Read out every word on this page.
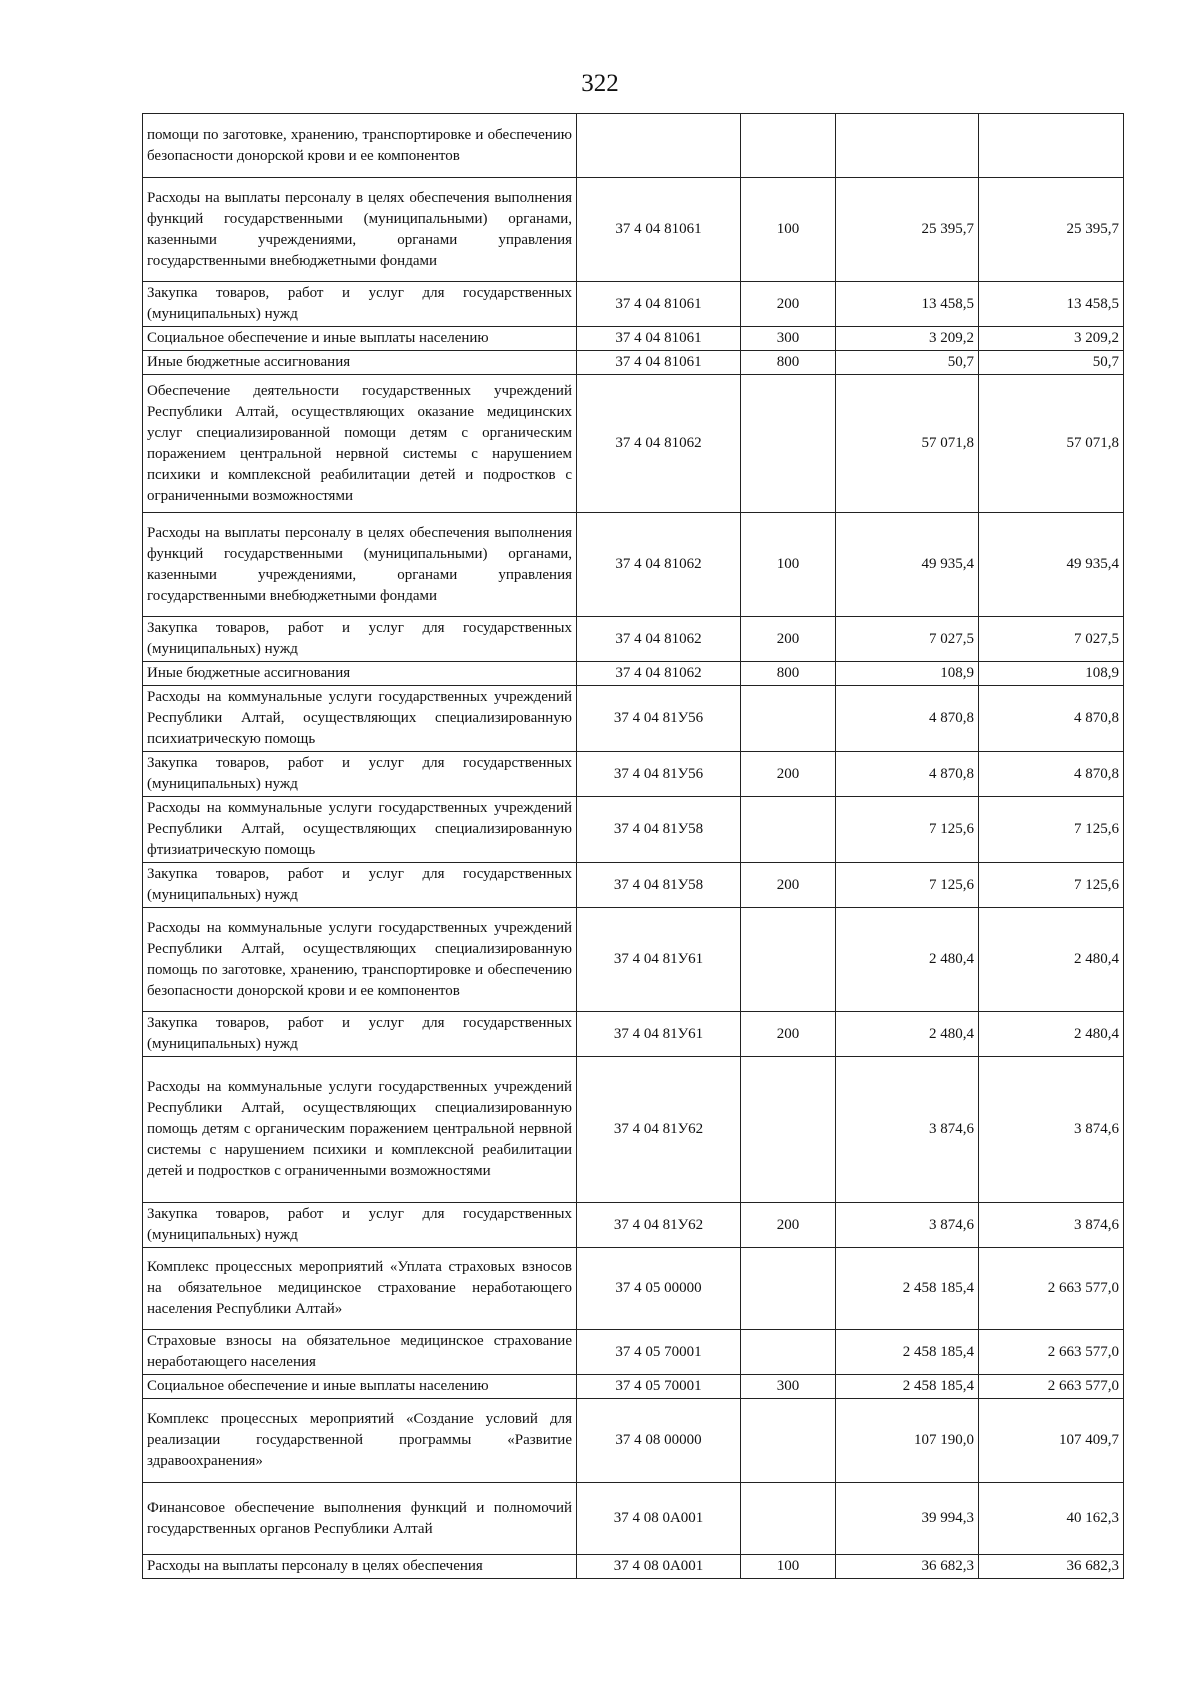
322
помощи по заготовке, хранению, транспортировке и обеспечению безопасности донорской крови и ее компонентов				
Расходы на выплаты персоналу в целях обеспечения выполнения функций государственными (муниципальными) органами, казенными учреждениями, органами управления государственными внебюджетными фондами	37 4 04 81061	100	25 395,7	25 395,7
Закупка товаров, работ и услуг для государственных (муниципальных) нужд	37 4 04 81061	200	13 458,5	13 458,5
Социальное обеспечение и иные выплаты населению	37 4 04 81061	300	3 209,2	3 209,2
Иные бюджетные ассигнования	37 4 04 81061	800	50,7	50,7
Обеспечение деятельности государственных учреждений Республики Алтай, осуществляющих оказание медицинских услуг специализированной помощи детям с органическим поражением центральной нервной системы с нарушением психики и комплексной реабилитации детей и подростков с ограниченными возможностями	37 4 04 81062		57 071,8	57 071,8
Расходы на выплаты персоналу в целях обеспечения выполнения функций государственными (муниципальными) органами, казенными учреждениями, органами управления государственными внебюджетными фондами	37 4 04 81062	100	49 935,4	49 935,4
Закупка товаров, работ и услуг для государственных (муниципальных) нужд	37 4 04 81062	200	7 027,5	7 027,5
Иные бюджетные ассигнования	37 4 04 81062	800	108,9	108,9
Расходы на коммунальные услуги государственных учреждений Республики Алтай, осуществляющих специализированную психиатрическую помощь	37 4 04 81У56		4 870,8	4 870,8
Закупка товаров, работ и услуг для государственных (муниципальных) нужд	37 4 04 81У56	200	4 870,8	4 870,8
Расходы на коммунальные услуги государственных учреждений Республики Алтай, осуществляющих специализированную фтизиатрическую помощь	37 4 04 81У58		7 125,6	7 125,6
Закупка товаров, работ и услуг для государственных (муниципальных) нужд	37 4 04 81У58	200	7 125,6	7 125,6
Расходы на коммунальные услуги государственных учреждений Республики Алтай, осуществляющих специализированную помощь по заготовке, хранению, транспортировке и обеспечению безопасности донорской крови и ее компонентов	37 4 04 81У61		2 480,4	2 480,4
Закупка товаров, работ и услуг для государственных (муниципальных) нужд	37 4 04 81У61	200	2 480,4	2 480,4
Расходы на коммунальные услуги государственных учреждений Республики Алтай, осуществляющих специализированную помощь детям с органическим поражением центральной нервной системы с нарушением психики и комплексной реабилитации детей и подростков с ограниченными возможностями	37 4 04 81У62		3 874,6	3 874,6
Закупка товаров, работ и услуг для государственных (муниципальных) нужд	37 4 04 81У62	200	3 874,6	3 874,6
Комплекс процессных мероприятий «Уплата страховых взносов на обязательное медицинское страхование неработающего населения Республики Алтай»	37 4 05 00000		2 458 185,4	2 663 577,0
Страховые взносы на обязательное медицинское страхование неработающего населения	37 4 05 70001		2 458 185,4	2 663 577,0
Социальное обеспечение и иные выплаты населению	37 4 05 70001	300	2 458 185,4	2 663 577,0
Комплекс процессных мероприятий «Создание условий для реализации государственной программы «Развитие здравоохранения»	37 4 08 00000		107 190,0	107 409,7
Финансовое обеспечение выполнения функций и полномочий государственных органов Республики Алтай	37 4 08 0А001		39 994,3	40 162,3
Расходы на выплаты персоналу в целях обеспечения	37 4 08 0А001	100	36 682,3	36 682,3
